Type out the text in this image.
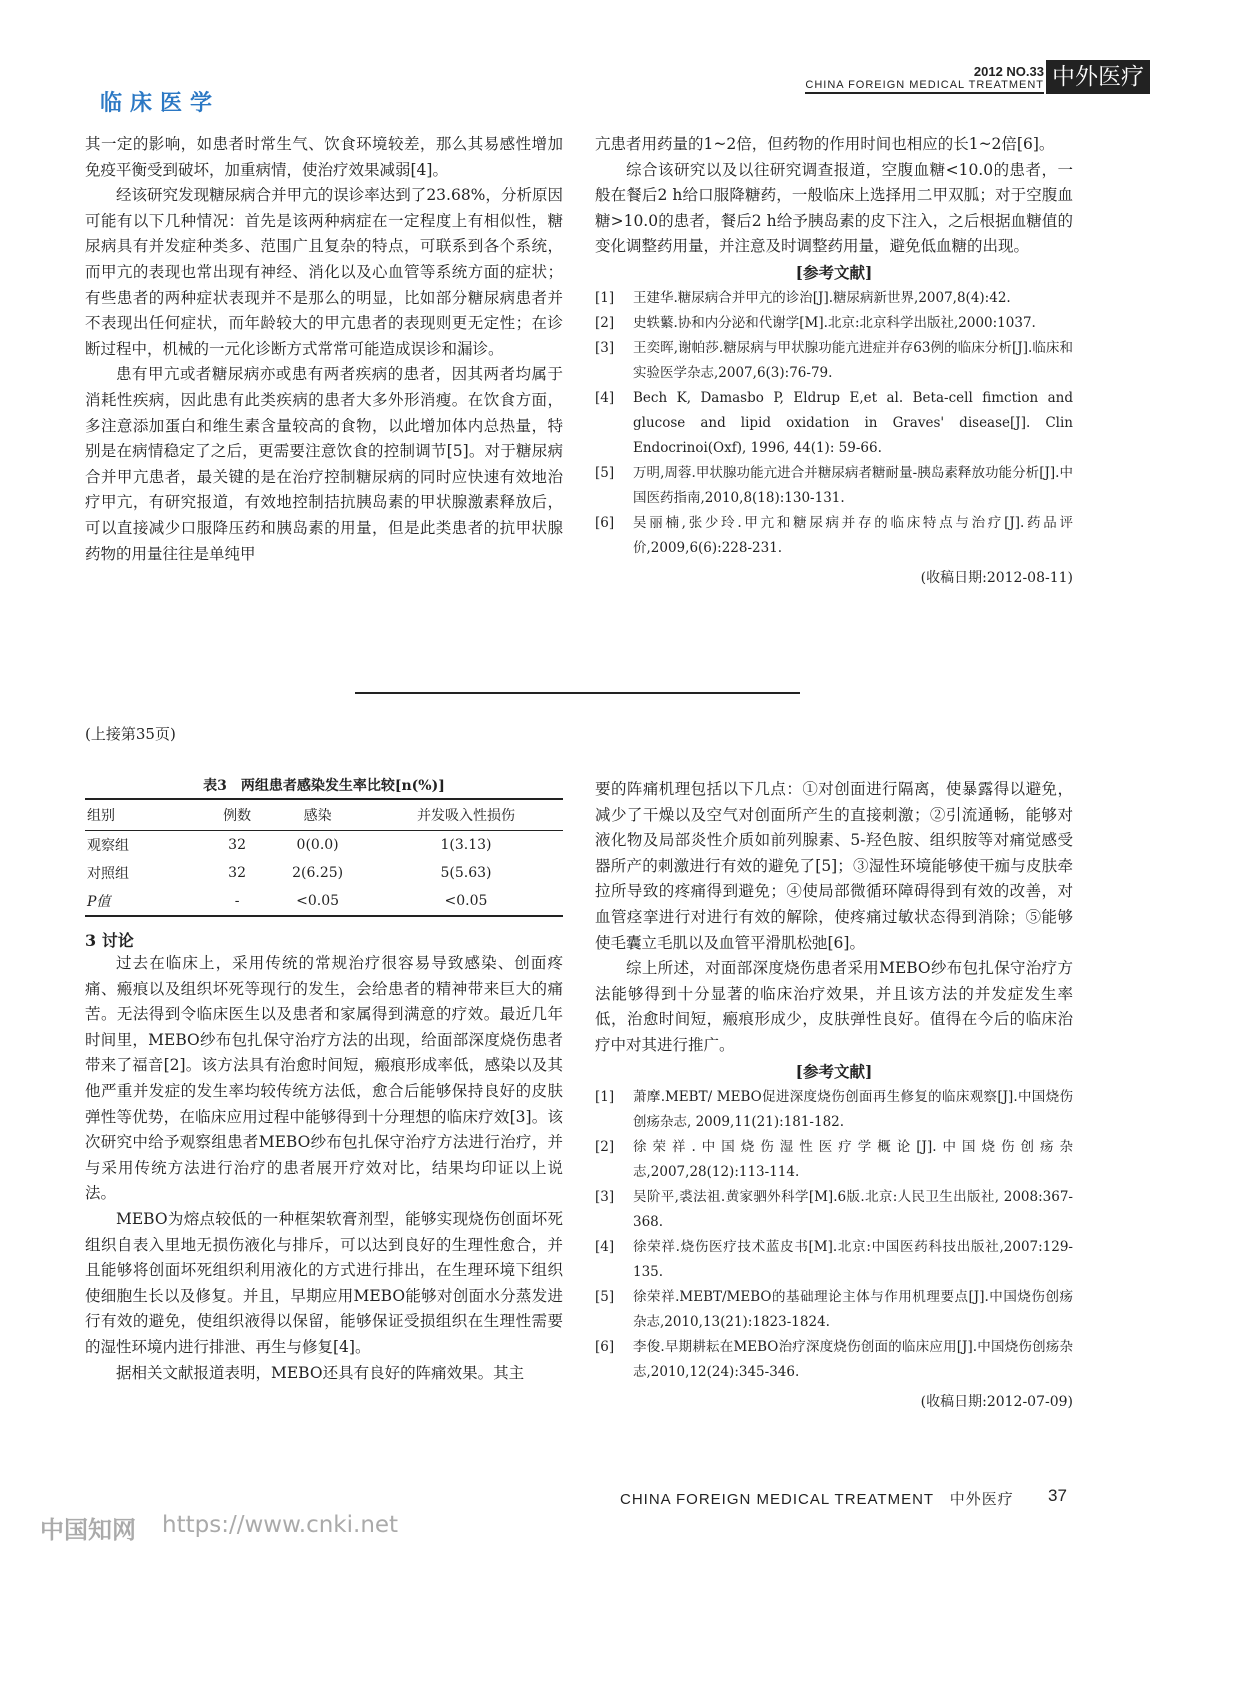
临床医学
2012 NO.33
CHINA FOREIGN MEDICAL TREATMENT 中外医疗

其一定的影响，如患者时常生气、饮食环境较差，那么其易感性增加免疫平衡受到破坏，加重病情，使治疗效果减弱[4]。

经该研究发现糖尿病合并甲亢的误诊率达到了23.68%，分析原因可能有以下几种情况：首先是该两种病症在一定程度上有相似性，糖尿病具有并发症种类多、范围广且复杂的特点，可联系到各个系统，而甲亢的表现也常出现有神经、消化以及心血管等系统方面的症状；有些患者的两种症状表现并不是那么的明显，比如部分糖尿病患者并不表现出任何症状，而年龄较大的甲亢患者的表现则更无定性；在诊断过程中，机械的一元化诊断方式常常可能造成误诊和漏诊。

患有甲亢或者糖尿病亦或患有两者疾病的患者，因其两者均属于消耗性疾病，因此患有此类疾病的患者大多外形消瘦。在饮食方面，多注意添加蛋白和维生素含量较高的食物，以此增加体内总热量，特别是在病情稳定了之后，更需要注意饮食的控制调节[5]。对于糖尿病合并甲亢患者，最关键的是在治疗控制糖尿病的同时应快速有效地治疗甲亢，有研究报道，有效地控制拮抗胰岛素的甲状腺激素释放后，可以直接减少口服降压药和胰岛素的用量，但是此类患者的抗甲状腺药物的用量往往是单纯甲

亢患者用药量的1~2倍，但药物的作用时间也相应的长1~2倍[6]。

综合该研究以及以往研究调查报道，空腹血糖<10.0的患者，一般在餐后2 h给口服降糖药，一般临床上选择用二甲双胍；对于空腹血糖>10.0的患者，餐后2 h给予胰岛素的皮下注入，之后根据血糖值的变化调整药用量，并注意及时调整药用量，避免低血糖的出现。

[参考文献]
[1]	王建华.糖尿病合并甲亢的诊治[J].糖尿病新世界,2007,8(4):42.
[2]	史轶蘩.协和内分泌和代谢学[M].北京:北京科学出版社,2000:1037.
[3]	王奕晖,谢帕莎.糖尿病与甲状腺功能亢进症并存63例的临床分析[J].临床和实验医学杂志,2007,6(3):76-79.
[4]	Bech K, Damasbo P, Eldrup E,et al. Beta-cell fimction and glucose and lipid oxidation in Graves' disease[J]. Clin Endocrinoi(Oxf), 1996, 44(1): 59-66.
[5]	万明,周蓉.甲状腺功能亢进合并糖尿病者糖耐量-胰岛素释放功能分析[J].中国医药指南,2010,8(18):130-131.
[6]	吴丽楠,张少玲.甲亢和糖尿病并存的临床特点与治疗[J].药品评价,2009,6(6):228-231.
(收稿日期:2012-08-11)
(上接第35页)
表3　两组患者感染发生率比较[n(%)]
组别	例数	感染	并发吸入性损伤
观察组	32	0(0.0)	1(3.13)
对照组	32	2(6.25)	5(5.63)
P值	-	<0.05	<0.05
3 讨论

过去在临床上，采用传统的常规治疗很容易导致感染、创面疼痛、瘢痕以及组织坏死等现行的发生，会给患者的精神带来巨大的痛苦。无法得到令临床医生以及患者和家属得到满意的疗效。最近几年时间里，MEBO纱布包扎保守治疗方法的出现，给面部深度烧伤患者带来了福音[2]。该方法具有治愈时间短，瘢痕形成率低，感染以及其他严重并发症的发生率均较传统方法低，愈合后能够保持良好的皮肤弹性等优势，在临床应用过程中能够得到十分理想的临床疗效[3]。该次研究中给予观察组患者MEBO纱布包扎保守治疗方法进行治疗，并与采用传统方法进行治疗的患者展开疗效对比，结果均印证以上说法。

MEBO为熔点较低的一种框架软膏剂型，能够实现烧伤创面坏死组织自表入里地无损伤液化与排斥，可以达到良好的生理性愈合，并且能够将创面坏死组织利用液化的方式进行排出，在生理环境下组织使细胞生长以及修复。并且，早期应用MEBO能够对创面水分蒸发进行有效的避免，使组织液得以保留，能够保证受损组织在生理性需要的湿性环境内进行排泄、再生与修复[4]。

据相关文献报道表明，MEBO还具有良好的阵痛效果。其主

要的阵痛机理包括以下几点：①对创面进行隔离，使暴露得以避免，减少了干燥以及空气对创面所产生的直接刺激；②引流通畅，能够对液化物及局部炎性介质如前列腺素、5-羟色胺、组织胺等对痛觉感受器所产的刺激进行有效的避免了[5]；③湿性环境能够使干痂与皮肤牵拉所导致的疼痛得到避免；④使局部微循环障碍得到有效的改善，对血管痉挛进行对进行有效的解除，使疼痛过敏状态得到消除；⑤能够使毛囊立毛肌以及血管平滑肌松弛[6]。

综上所述，对面部深度烧伤患者采用MEBO纱布包扎保守治疗方法能够得到十分显著的临床治疗效果，并且该方法的并发症发生率低，治愈时间短，瘢痕形成少，皮肤弹性良好。值得在今后的临床治疗中对其进行推广。

[参考文献]
[1]	萧摩.MEBT/ MEBO促进深度烧伤创面再生修复的临床观察[J].中国烧伤创疡杂志, 2009,11(21):181-182.
[2]	徐荣祥.中国烧伤湿性医疗学概论[J].中国烧伤创疡杂志,2007,28(12):113-114.
[3]	吴阶平,裘法祖.黄家驷外科学[M].6版.北京:人民卫生出版社, 2008:367-368.
[4]	徐荣祥.烧伤医疗技术蓝皮书[M].北京:中国医药科技出版社,2007:129-135.
[5]	徐荣祥.MEBT/MEBO的基础理论主体与作用机理要点[J].中国烧伤创疡杂志,2010,13(21):1823-1824.
[6]	李俊.早期耕耘在MEBO治疗深度烧伤创面的临床应用[J].中国烧伤创疡杂志,2010,12(24):345-346.
(收稿日期:2012-07-09)
CHINA FOREIGN MEDICAL TREATMENT　中外医疗 37
中国知网 https://www.cnki.net
